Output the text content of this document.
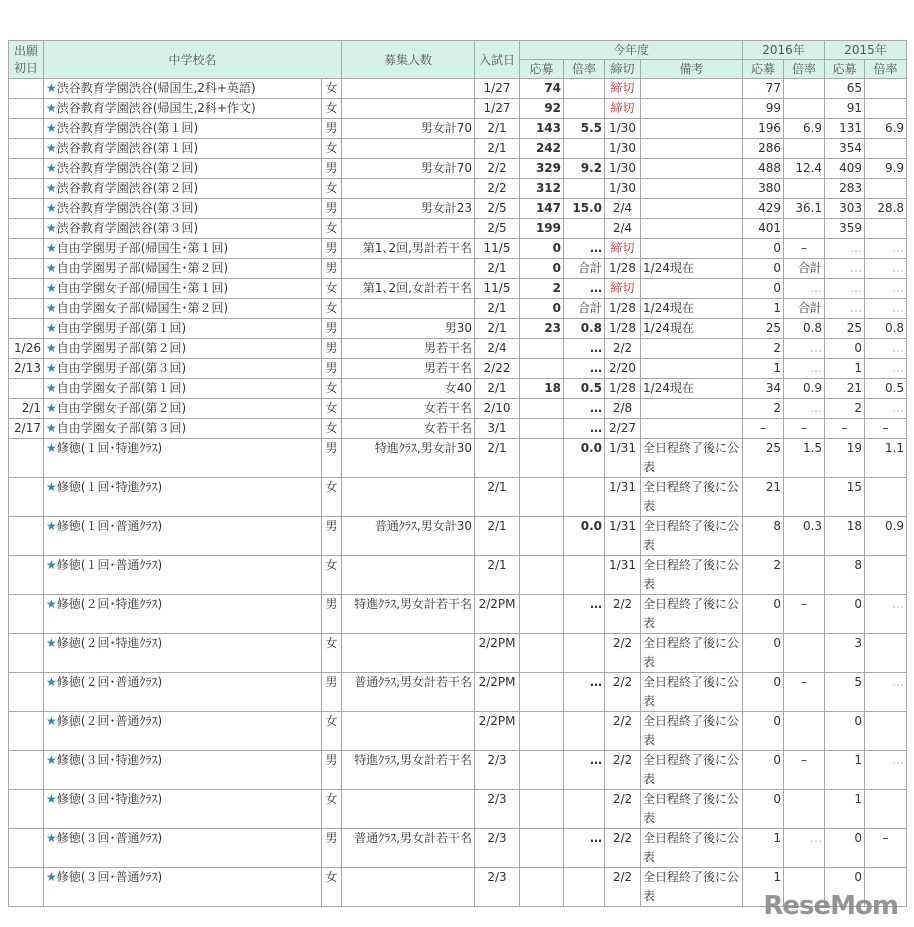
出願初日	中学校名		募集人数	入試日	今年度				2016年		2015年	
					応募	倍率	締切	備考	応募	倍率	応募	倍率
	★渋谷教育学園渋谷(帰国生,2科+英語)	女		1/27	74		締切		77		65	
	★渋谷教育学園渋谷(帰国生,2科+作文)	女		1/27	92		締切		99		91	
	★渋谷教育学園渋谷(第１回)	男	男女計70	2/1	143	5.5	1/30		196	6.9	131	6.9
	★渋谷教育学園渋谷(第１回)	女		2/1	242		1/30		286		354	
	★渋谷教育学園渋谷(第２回)	男	男女計70	2/2	329	9.2	1/30		488	12.4	409	9.9
	★渋谷教育学園渋谷(第２回)	女		2/2	312		1/30		380		283	
	★渋谷教育学園渋谷(第３回)	男	男女計23	2/5	147	15.0	2/4		429	36.1	303	28.8
	★渋谷教育学園渋谷(第３回)	女		2/5	199		2/4		401		359	
	★自由学園男子部(帰国生･第１回)	男	第1､2回,男計若干名	11/5	0	…	締切		0	–	…	…
	★自由学園男子部(帰国生･第２回)	男		2/1	0	合計	1/28	1/24現在	0	合計	…	…
	★自由学園女子部(帰国生･第１回)	女	第1､2回,女計若干名	11/5	2	…	締切		0	…	…	…
	★自由学園女子部(帰国生･第２回)	女		2/1	0	合計	1/28	1/24現在	1	合計	…	…
	★自由学園男子部(第１回)	男	男30	2/1	23	0.8	1/28	1/24現在	25	0.8	25	0.8
1/26	★自由学園男子部(第２回)	男	男若干名	2/4		…	2/2		2	…	0	…
2/13	★自由学園男子部(第３回)	男	男若干名	2/22		…	2/20		1	…	1	…
	★自由学園女子部(第１回)	女	女40	2/1	18	0.5	1/28	1/24現在	34	0.9	21	0.5
2/1	★自由学園女子部(第２回)	女	女若干名	2/10		…	2/8		2	…	2	…
2/17	★自由学園女子部(第３回)	女	女若干名	3/1		…	2/27		–	–	–	–
	★修徳(１回･特進ｸﾗｽ)	男	特進ｸﾗｽ,男女計30	2/1		0.0	1/31	全日程終了後に公表	25	1.5	19	1.1
	★修徳(１回･特進ｸﾗｽ)	女		2/1			1/31	全日程終了後に公表	21		15	
	★修徳(１回･普通ｸﾗｽ)	男	普通ｸﾗｽ,男女計30	2/1		0.0	1/31	全日程終了後に公表	8	0.3	18	0.9
	★修徳(１回･普通ｸﾗｽ)	女		2/1			1/31	全日程終了後に公表	2		8	
	★修徳(２回･特進ｸﾗｽ)	男	特進ｸﾗｽ,男女計若干名	2/2PM		…	2/2	全日程終了後に公表	0	–	0	…
	★修徳(２回･特進ｸﾗｽ)	女		2/2PM			2/2	全日程終了後に公表	0		3	
	★修徳(２回･普通ｸﾗｽ)	男	普通ｸﾗｽ,男女計若干名	2/2PM		…	2/2	全日程終了後に公表	0	–	5	…
	★修徳(２回･普通ｸﾗｽ)	女		2/2PM			2/2	全日程終了後に公表	0		0	
	★修徳(３回･特進ｸﾗｽ)	男	特進ｸﾗｽ,男女計若干名	2/3		…	2/2	全日程終了後に公表	0	–	1	…
	★修徳(３回･特進ｸﾗｽ)	女		2/3			2/2	全日程終了後に公表	0		1	
	★修徳(３回･普通ｸﾗｽ)	男	普通ｸﾗｽ,男女計若干名	2/3		…	2/2	全日程終了後に公表	1	…	0	–
	★修徳(３回･普通ｸﾗｽ)	女		2/3			2/2	全日程終了後に公表	1		0	
ReseMom
